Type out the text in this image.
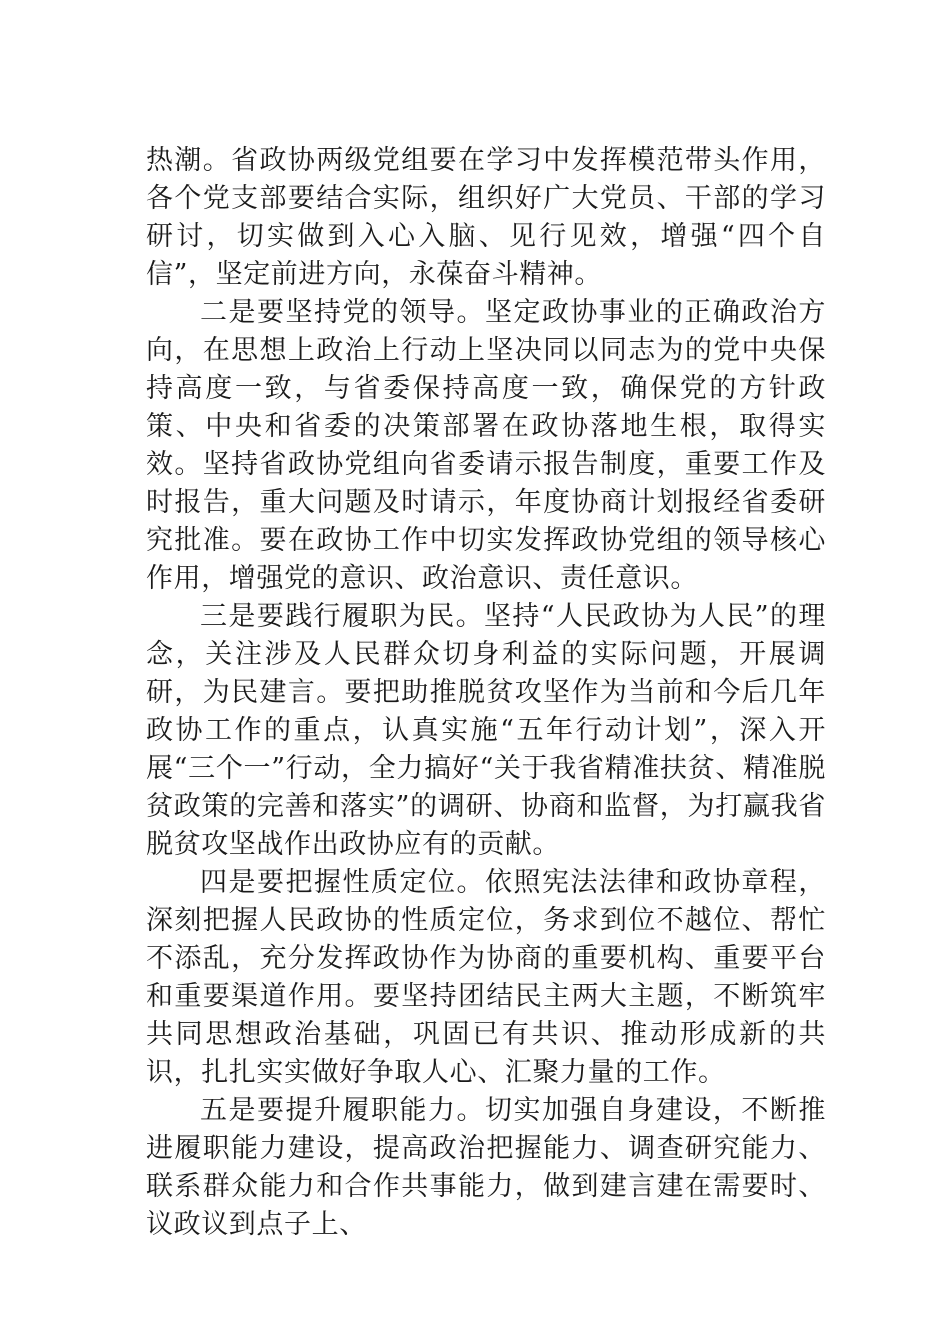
热潮。省政协两级党组要在学习中发挥模范带头作用，各个党支部要结合实际，组织好广大党员、干部的学习研讨，切实做到入心入脑、见行见效，增强“四个自信”，坚定前进方向，永葆奋斗精神。

二是要坚持党的领导。坚定政协事业的正确政治方向，在思想上政治上行动上坚决同以同志为的党中央保持高度一致，与省委保持高度一致，确保党的方针政策、中央和省委的决策部署在政协落地生根，取得实效。坚持省政协党组向省委请示报告制度，重要工作及时报告，重大问题及时请示，年度协商计划报经省委研究批准。要在政协工作中切实发挥政协党组的领导核心作用，增强党的意识、政治意识、责任意识。

三是要践行履职为民。坚持“人民政协为人民”的理念，关注涉及人民群众切身利益的实际问题，开展调研，为民建言。要把助推脱贫攻坚作为当前和今后几年政协工作的重点，认真实施“五年行动计划”，深入开展“三个一”行动，全力搞好“关于我省精准扶贫、精准脱贫政策的完善和落实”的调研、协商和监督，为打赢我省脱贫攻坚战作出政协应有的贡献。

四是要把握性质定位。依照宪法法律和政协章程，深刻把握人民政协的性质定位，务求到位不越位、帮忙不添乱，充分发挥政协作为协商的重要机构、重要平台和重要渠道作用。要坚持团结民主两大主题，不断筑牢共同思想政治基础，巩固已有共识、推动形成新的共识，扎扎实实做好争取人心、汇聚力量的工作。

五是要提升履职能力。切实加强自身建设，不断推进履职能力建设，提高政治把握能力、调查研究能力、联系群众能力和合作共事能力，做到建言建在需要时、议政议到点子上、
